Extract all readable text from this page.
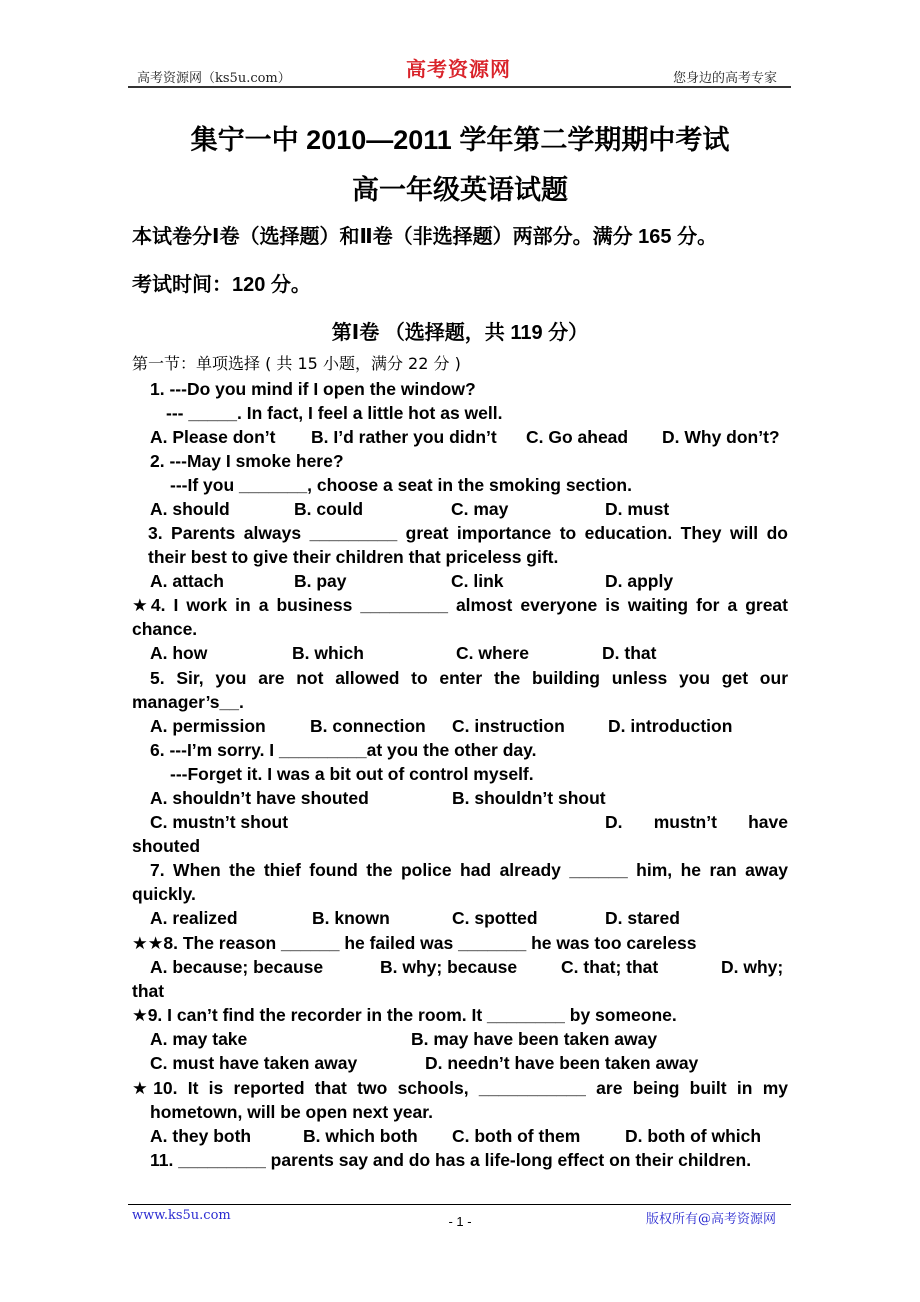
高考资源网（ks5u.com）	高考资源网	您身边的高考专家
集宁一中 2010—2011 学年第二学期期中考试
高一年级英语试题
本试卷分Ⅰ卷（选择题）和Ⅱ卷（非选择题）两部分。满分 165 分。
考试时间：120 分。
第Ⅰ卷 （选择题，共 119 分）
第一节：单项选择 ( 共 15 小题，满分 22 分 )
1. ---Do you mind if I open the window?
--- _____. In fact, I feel a little hot as well.
A. Please don’t B. I’d rather you didn’t C. Go ahead D. Why don’t?
2. ---May I smoke here?
---If you _______, choose a seat in the smoking section.
A. should	B. could	C. may	D. must
3. Parents always _________ great importance to education. They will do
their best to give their children that priceless gift.
A. attach	B. pay	C. link	D. apply
★4. I work in a business _________ almost everyone is waiting for a great
chance.
A. how	B. which	C. where	D. that
5. Sir, you are not allowed to enter the building unless you get our
manager’s__.
A. permission	B. connection C. instruction D. introduction
6. ---I’m sorry. I _________at you the other day.
---Forget it. I was a bit out of control myself.
A. shouldn’t have shouted	B. shouldn’t shout
C. mustn’t shout	D. mustn’t have
shouted
7. When the thief found the police had already ______ him, he ran away
quickly.
A. realized	B. known	C. spotted	D. stared
★★8. The reason ______ he failed was _______ he was too careless
A. because; because	B. why; because	C. that; that	D. why;
that
★9. I can’t find the recorder in the room. It ________ by someone.
A. may take	B. may have been taken away
C. must have taken away	D. needn’t have been taken away
★10. It is reported that two schools, ___________ are being built in my
hometown, will be open next year.
A. they both	B. which both C. both of them	D. both of which
11. _________ parents say and do has a life-long effect on their children.
www.ks5u.com	- 1 -	版权所有@高考资源网
